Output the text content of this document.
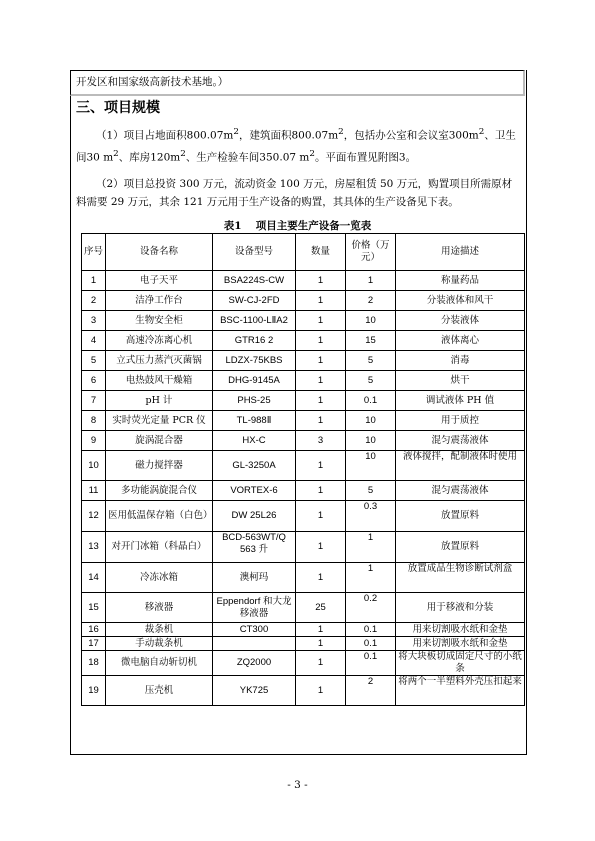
开发区和国家级高新技术基地。）
三、项目规模
（1）项目占地面积$800.07m^2$，建筑面积$800.07m^2$，包括办公室和会议室$300m^2$、卫生间30 $m^2$、库房$120m^2$、生产检验车间350.07 $m^2$。平面布置见附图3。
（2）项目总投资 300 万元，流动资金 100 万元，房屋租赁 50 万元，购置项目所需原材料需要 29 万元，其余 121 万元用于生产设备的购置，其具体的生产设备见下表。
表1　 项目主要生产设备一览表
序号	设备名称	设备型号	数量	价格（万元）	用途描述
1	电子天平	BSA224S-CW	1	1	称量药品
2	洁净工作台	SW-CJ-2FD	1	2	分装液体和风干
3	生物安全柜	BSC-1100-LⅡA2	1	10	分装液体
4	高速冷冻离心机	GTR16 2	1	15	液体离心
5	立式压力蒸汽灭菌锅	LDZX-75KBS	1	5	消毒
6	电热鼓风干燥箱	DHG-9145A	1	5	烘干
7	pH 计	PHS-25	1	0.1	调试液体 PH 值
8	实时荧光定量 PCR 仪	TL-988Ⅱ	1	10	用于质控
9	旋涡混合器	HX-C	3	10	混匀震荡液体
10	磁力搅拌器	GL-3250A	1	10	液体搅拌，配制液体时使用
11	多功能涡旋混合仪	VORTEX-6	1	5	混匀震荡液体
12	医用低温保存箱（白色）	DW 25L26	1	0.3	放置原料
13	对开门冰箱（科晶白）	BCD-563WT/Q 563 升	1	1	放置原料
14	冷冻冰箱	澳柯玛	1	1	放置成品生物诊断试剂盒
15	移液器	Eppendorf 和大龙移液器	25	0.2	用于移液和分装
16	裁条机	CT300	1	0.1	用来切割吸水纸和金垫
17	手动裁条机		1	0.1	用来切割吸水纸和金垫
18	微电脑自动斩切机	ZQ2000	1	0.1	将大块板切成固定尺寸的小纸条
19	压壳机	YK725	1	2	将两个一半塑料外壳压扣起来
- 3 -
